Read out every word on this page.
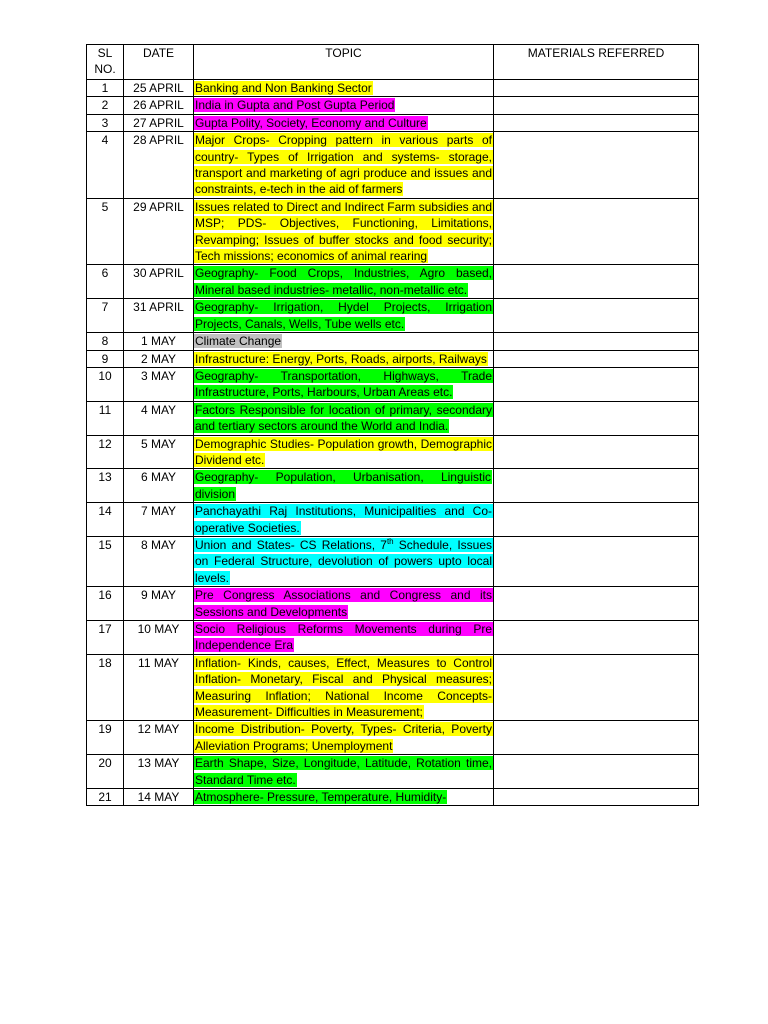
SL NO.	DATE	TOPIC	MATERIALS REFERRED
1	25 APRIL	Banking and Non Banking Sector	
2	26 APRIL	India in Gupta and Post Gupta Period	
3	27 APRIL	Gupta Polity, Society, Economy and Culture	
4	28 APRIL	Major Crops- Cropping pattern in various parts of country- Types of Irrigation and systems- storage, transport and marketing of agri produce and issues and constraints, e-tech in the aid of farmers	
5	29 APRIL	Issues related to Direct and Indirect Farm subsidies and MSP; PDS- Objectives, Functioning, Limitations, Revamping; Issues of buffer stocks and food security; Tech missions; economics of animal rearing	
6	30 APRIL	Geography- Food Crops, Industries, Agro based, Mineral based industries- metallic, non-metallic etc.	
7	31 APRIL	Geography- Irrigation, Hydel Projects, Irrigation Projects, Canals, Wells, Tube wells etc.	
8	1 MAY	Climate Change	
9	2 MAY	Infrastructure: Energy, Ports, Roads, airports, Railways	
10	3 MAY	Geography- Transportation, Highways, Trade Infrastructure, Ports, Harbours, Urban Areas etc.	
11	4 MAY	Factors Responsible for location of primary, secondary and tertiary sectors around the World and India.	
12	5 MAY	Demographic Studies- Population growth, Demographic Dividend etc.	
13	6 MAY	Geography- Population, Urbanisation, Linguistic division	
14	7 MAY	Panchayathi Raj Institutions, Municipalities and Co-operative Societies.	
15	8 MAY	Union and States- CS Relations, 7th Schedule, Issues on Federal Structure, devolution of powers upto local levels.	
16	9 MAY	Pre Congress Associations and Congress and its Sessions and Developments	
17	10 MAY	Socio Religious Reforms Movements during Pre Independence Era	
18	11 MAY	Inflation- Kinds, causes, Effect, Measures to Control Inflation- Monetary, Fiscal and Physical measures; Measuring Inflation; National Income Concepts- Measurement- Difficulties in Measurement;	
19	12 MAY	Income Distribution- Poverty, Types- Criteria, Poverty Alleviation Programs; Unemployment	
20	13 MAY	Earth Shape, Size, Longitude, Latitude, Rotation time, Standard Time etc.	
21	14 MAY	Atmosphere- Pressure, Temperature, Humidity-	
